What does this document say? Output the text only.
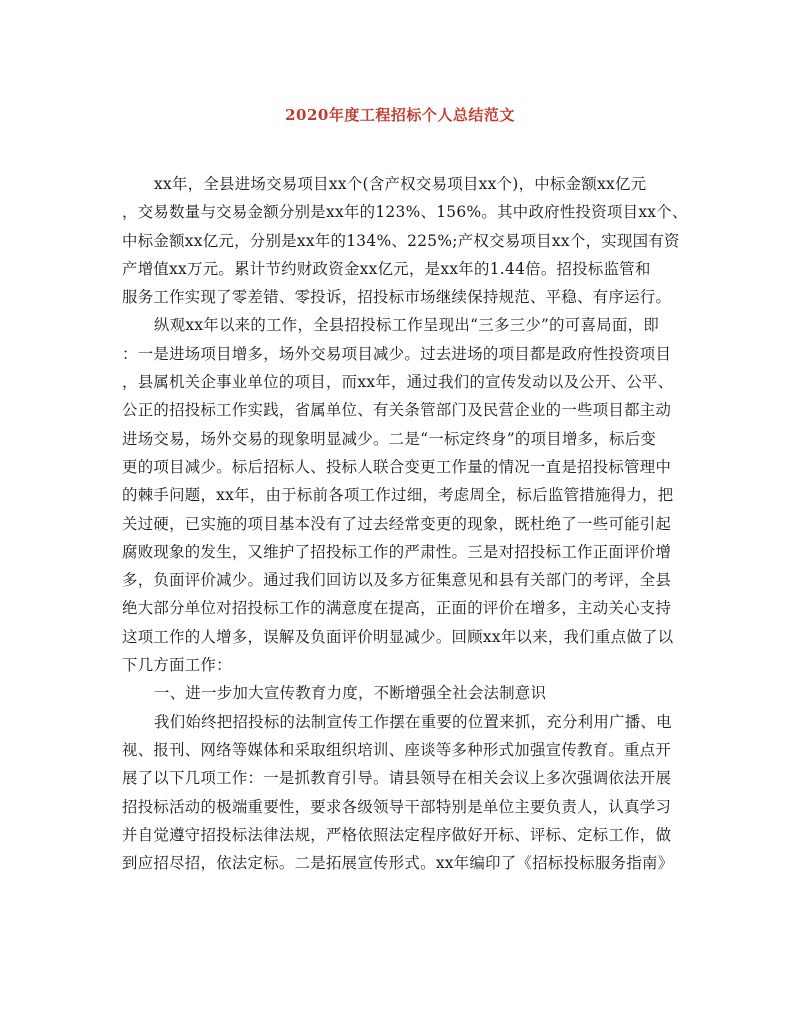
2020年度工程招标个人总结范文
xx年，全县进场交易项目xx个(含产权交易项目xx个)，中标金额xx亿元
，交易数量与交易金额分别是xx年的123%、156%。其中政府性投资项目xx个、
中标金额xx亿元，分别是xx年的134%、225%;产权交易项目xx个，实现国有资
产增值xx万元。累计节约财政资金xx亿元，是xx年的1.44倍。招投标监管和
服务工作实现了零差错、零投诉，招投标市场继续保持规范、平稳、有序运行。
纵观xx年以来的工作，全县招投标工作呈现出“三多三少”的可喜局面，即
：一是进场项目增多，场外交易项目减少。过去进场的项目都是政府性投资项目
，县属机关企事业单位的项目，而xx年，通过我们的宣传发动以及公开、公平、
公正的招投标工作实践，省属单位、有关条管部门及民营企业的一些项目都主动
进场交易，场外交易的现象明显减少。二是“一标定终身”的项目增多，标后变
更的项目减少。标后招标人、投标人联合变更工作量的情况一直是招投标管理中
的棘手问题，xx年，由于标前各项工作过细，考虑周全，标后监管措施得力，把
关过硬，已实施的项目基本没有了过去经常变更的现象，既杜绝了一些可能引起
腐败现象的发生，又维护了招投标工作的严肃性。三是对招投标工作正面评价增
多，负面评价减少。通过我们回访以及多方征集意见和县有关部门的考评，全县
绝大部分单位对招投标工作的满意度在提高，正面的评价在增多，主动关心支持
这项工作的人增多，误解及负面评价明显减少。回顾xx年以来，我们重点做了以
下几方面工作：
一、进一步加大宣传教育力度，不断增强全社会法制意识
我们始终把招投标的法制宣传工作摆在重要的位置来抓，充分利用广播、电
视、报刊、网络等媒体和采取组织培训、座谈等多种形式加强宣传教育。重点开
展了以下几项工作：一是抓教育引导。请县领导在相关会议上多次强调依法开展
招投标活动的极端重要性，要求各级领导干部特别是单位主要负责人，认真学习
并自觉遵守招投标法律法规，严格依照法定程序做好开标、评标、定标工作，做
到应招尽招，依法定标。二是拓展宣传形式。xx年编印了《招标投标服务指南》
